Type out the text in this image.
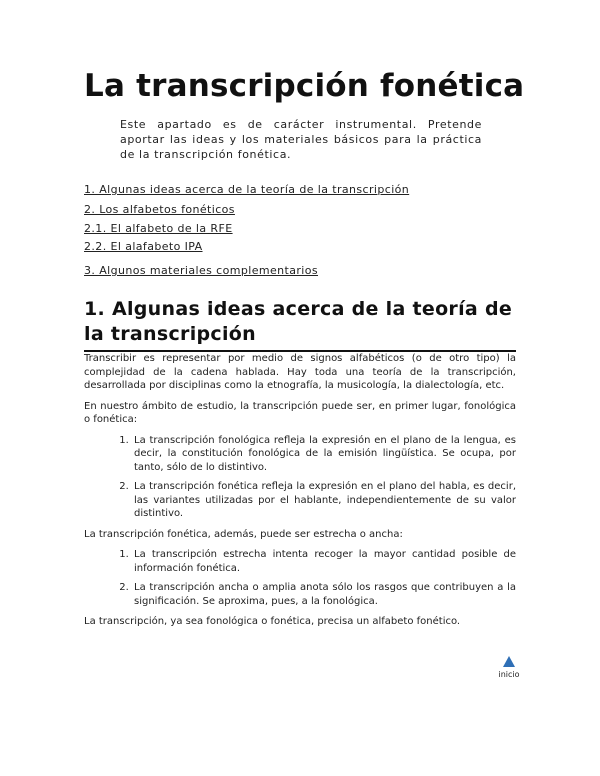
La transcripción fonética
Este apartado es de carácter instrumental. Pretende aportar las ideas y los materiales básicos para la práctica de la transcripción fonética.
1. Algunas ideas acerca de la teoría de la transcripción
2. Los alfabetos fonéticos
2.1. El alfabeto de la RFE
2.2. El alafabeto IPA
3. Algunos materiales complementarios
1. Algunas ideas acerca de la teoría de la transcripción

Transcribir es representar por medio de signos alfabéticos (o de otro tipo) la complejidad de la cadena hablada. Hay toda una teoría de la transcripción, desarrollada por disciplinas como la etnografía, la musicología, la dialectología, etc.

En nuestro ámbito de estudio, la transcripción puede ser, en primer lugar, fonológica o fonética:

1. La transcripción fonológica refleja la expresión en el plano de la lengua, es decir, la constitución fonológica de la emisión lingüística. Se ocupa, por tanto, sólo de lo distintivo.
2. La transcripción fonética refleja la expresión en el plano del habla, es decir, las variantes utilizadas por el hablante, independientemente de su valor distintivo.

La transcripción fonética, además, puede ser estrecha o ancha:

1. La transcripción estrecha intenta recoger la mayor cantidad posible de información fonética.
2. La transcripción ancha o amplia anota sólo los rasgos que contribuyen a la significación. Se aproxima, pues, a la fonológica.

La transcripción, ya sea fonológica o fonética, precisa un alfabeto fonético.

inicio
